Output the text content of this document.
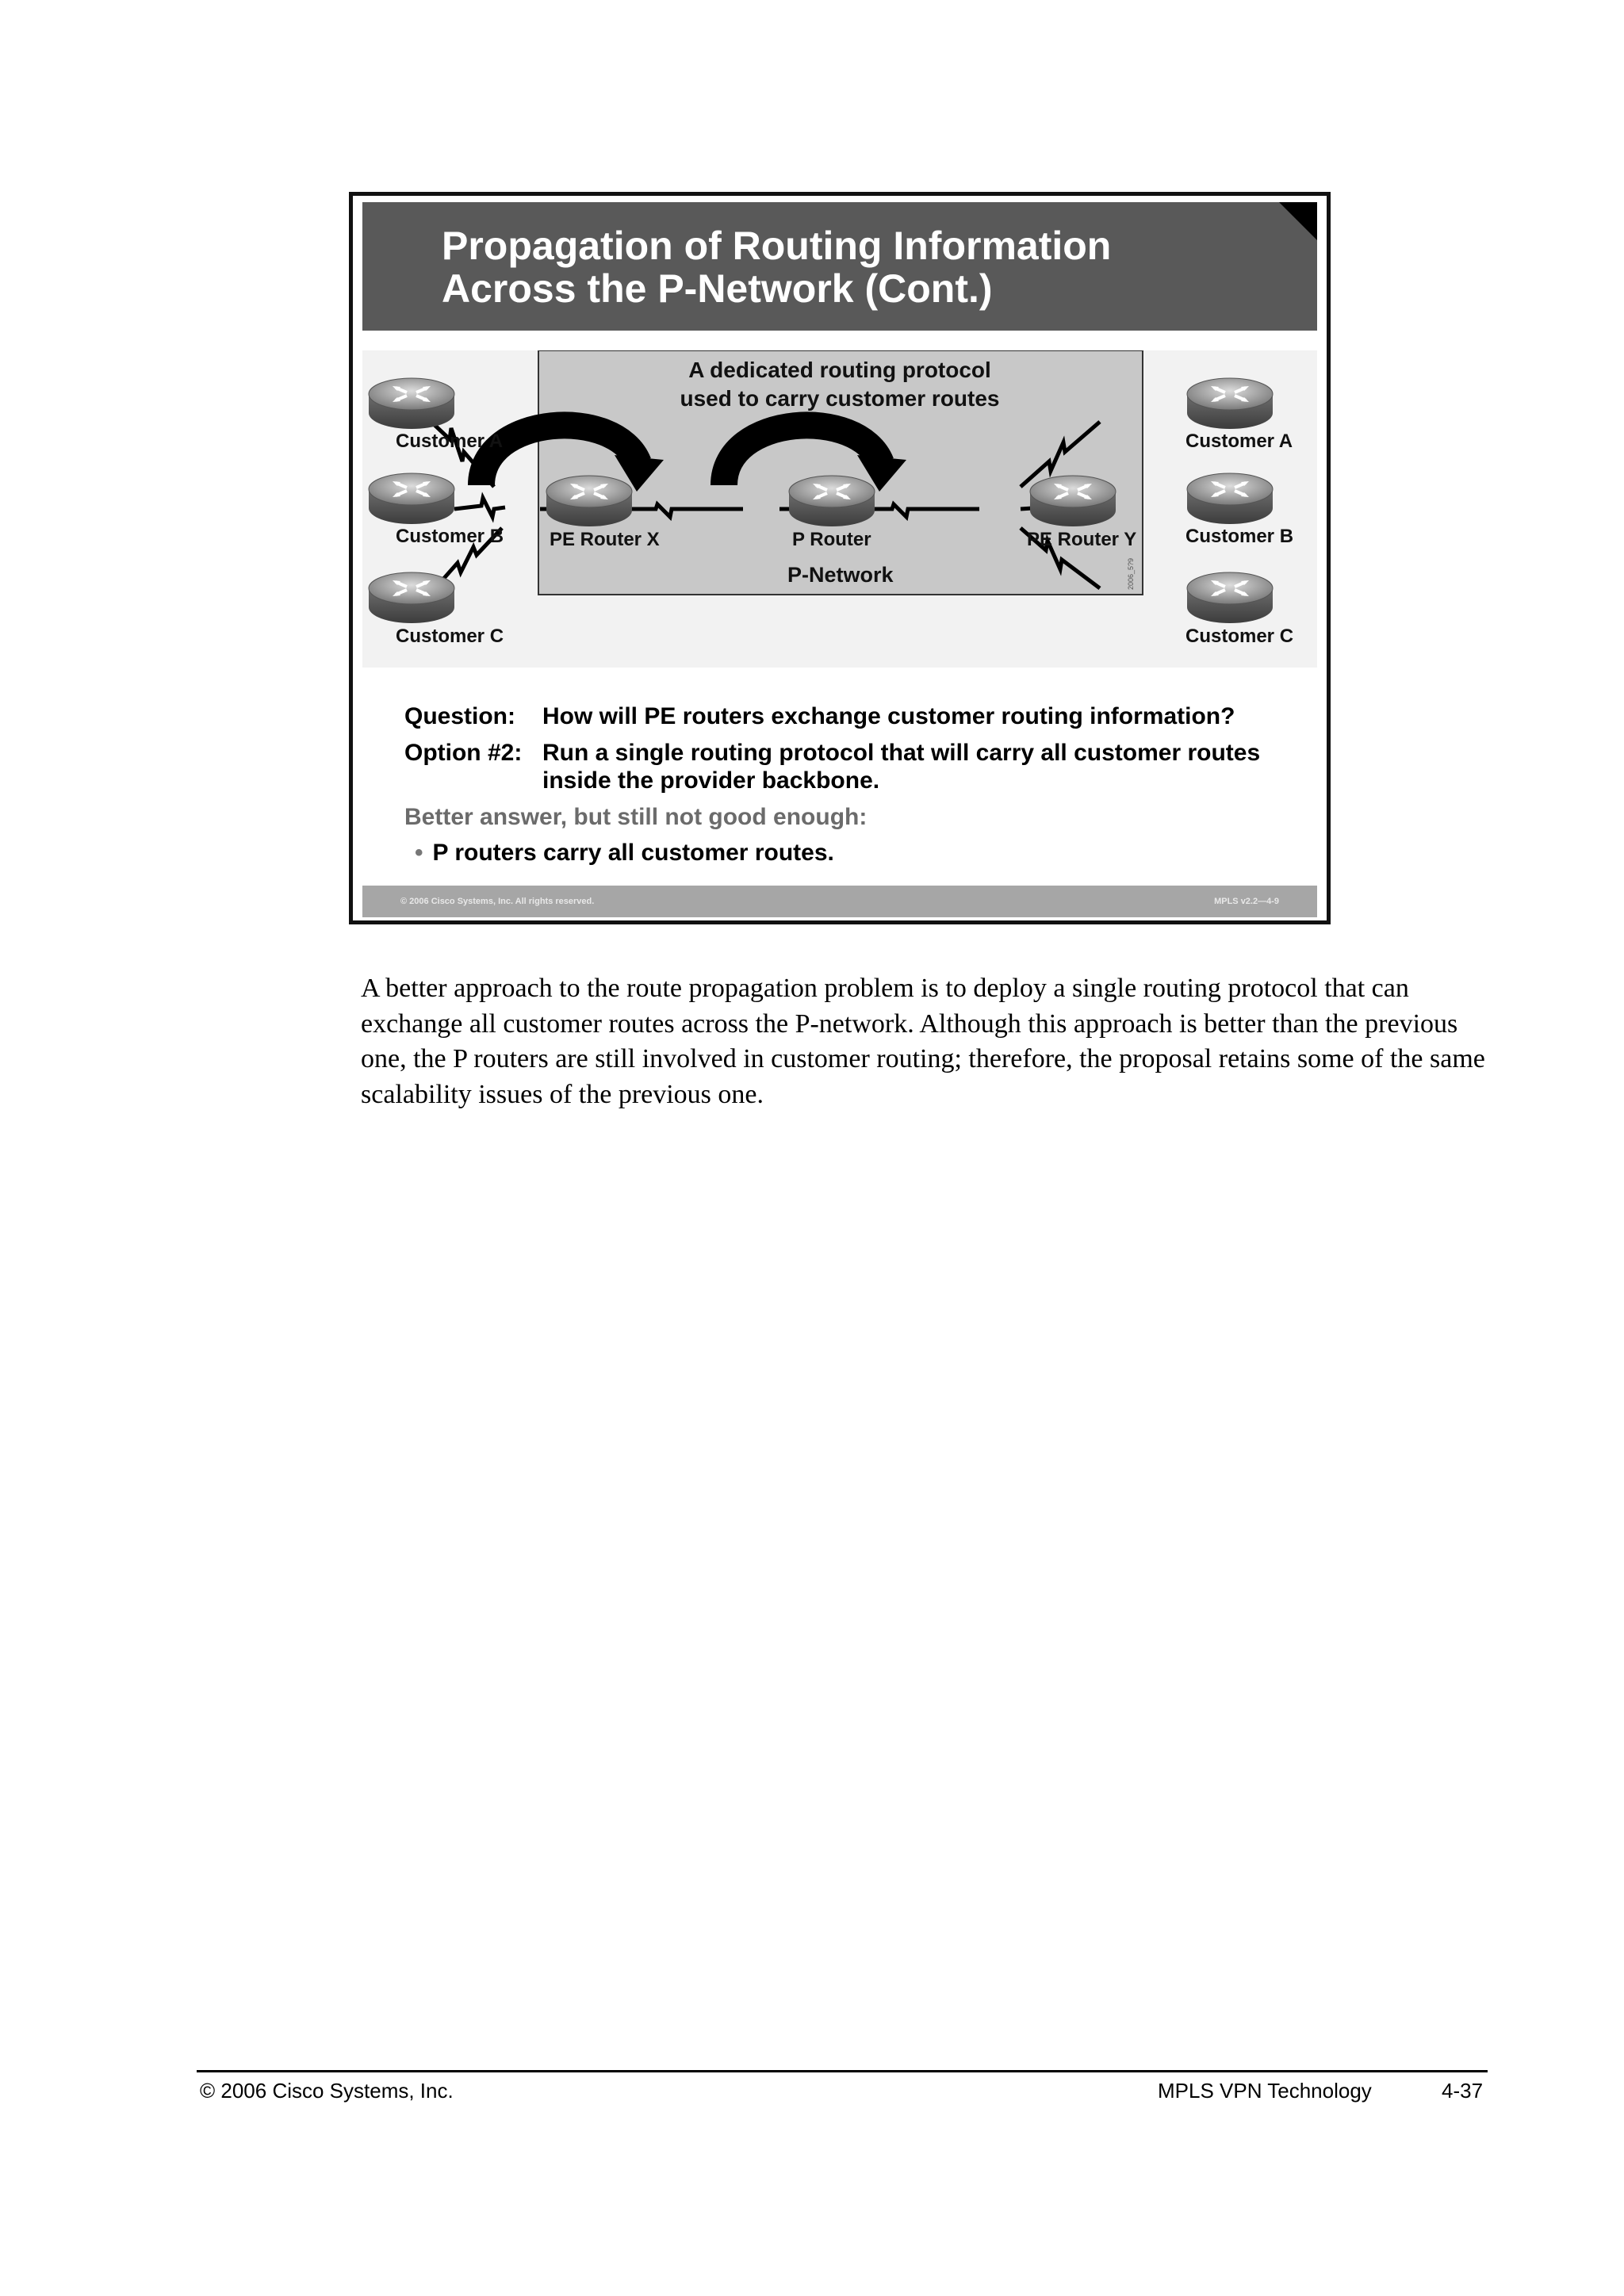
Propagation of Routing Information
Across the P-Network (Cont.)
A dedicated routing protocol
used to carry customer routes
Customer A
Customer B
Customer C
PE Router X	P Router	PE Router Y
Customer A
Customer B
Customer C
P-Network	2006_5?9
Question: How will PE routers exchange customer routing information?
Option #2: Run a single routing protocol that will carry all customer routes
inside the provider backbone.
Better answer, but still not good enough:
• P routers carry all customer routes.
© 2006 Cisco Systems, Inc. All rights reserved.	MPLS v2.2—4-9
A better approach to the route propagation problem is to deploy a single routing protocol that can exchange all customer routes across the P-network. Although this approach is better than the previous one, the P routers are still involved in customer routing; therefore, the proposal retains some of the same scalability issues of the previous one.
© 2006 Cisco Systems, Inc.	MPLS VPN Technology	4-37
